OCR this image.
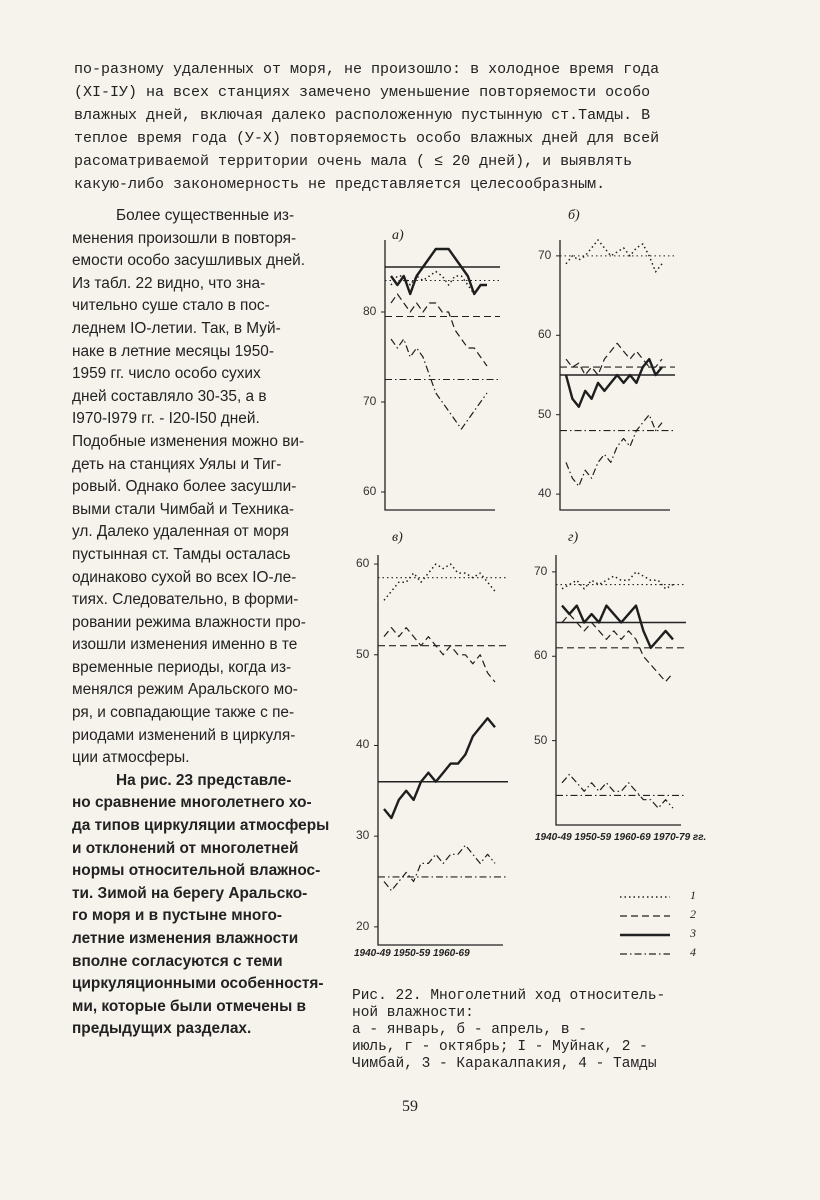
по-разному удаленных от моря, не произошло: в холодное время года
(XI-IУ) на всех станциях замечено уменьшение повторяемости особо
влажных дней, включая далеко расположенную пустынную ст.Тамды. В
теплое время года (У-Х) повторяемость особо влажных дней для всей
расоматриваемой территории очень мала ( ≤ 20 дней), и выявлять
какую-либо закономерность не представляется целесообразным.

Более существенные из-
менения произошли в повторя-
емости особо засушливых дней.
Из табл. 22 видно, что зна-
чительно суше стало в пос-
леднем IO-летии. Так, в Муй-
наке в летние месяцы 1950-
1959 гг. число особо сухих
дней составляло 30-35, а в
I970-I979 гг. - I20-I50 дней.
Подобные изменения можно ви-
деть на станциях Уялы и Тиг-
ровый. Однако более засушли-
выми стали Чимбай и Техника-
ул. Далеко удаленная от моря
пустынная ст. Тамды осталась
одинаково сухой во всех IO-ле-
тиях. Следовательно, в форми-
ровании режима влажности про-
изошли изменения именно в те
временные периоды, когда из-
менялся режим Аральского мо-
ря, и совпадающие также с пе-
риодами изменений в циркуля-
ции атмосферы.

На рис. 23 представле-
но сравнение многолетнего хо-
да типов циркуляции атмосферы
и отклонений от многолетней
нормы относительной влажнос-
ти. Зимой на берегу Аральско-
го моря и в пустыне много-
летние изменения влажности
вполне согласуются с теми
циркуляционными особенностя-
ми, которые были отмечены в
предыдущих разделах.

а)
б)
в)	г)
1940-49 1950-59 1960-69
1940-49 1950-59 1960-69 1970-79 гг.
80
70
60
70
60
50
40
60
50
40
30
20
70
60
50
1
2
3
4
Рис. 22. Многолетний ход относитель-
ной влажности:
а - январь, б - апрель, в -
июль, г - октябрь; I - Муйнак, 2 -
Чимбай, 3 - Каракалпакия, 4 - Тамды
59
